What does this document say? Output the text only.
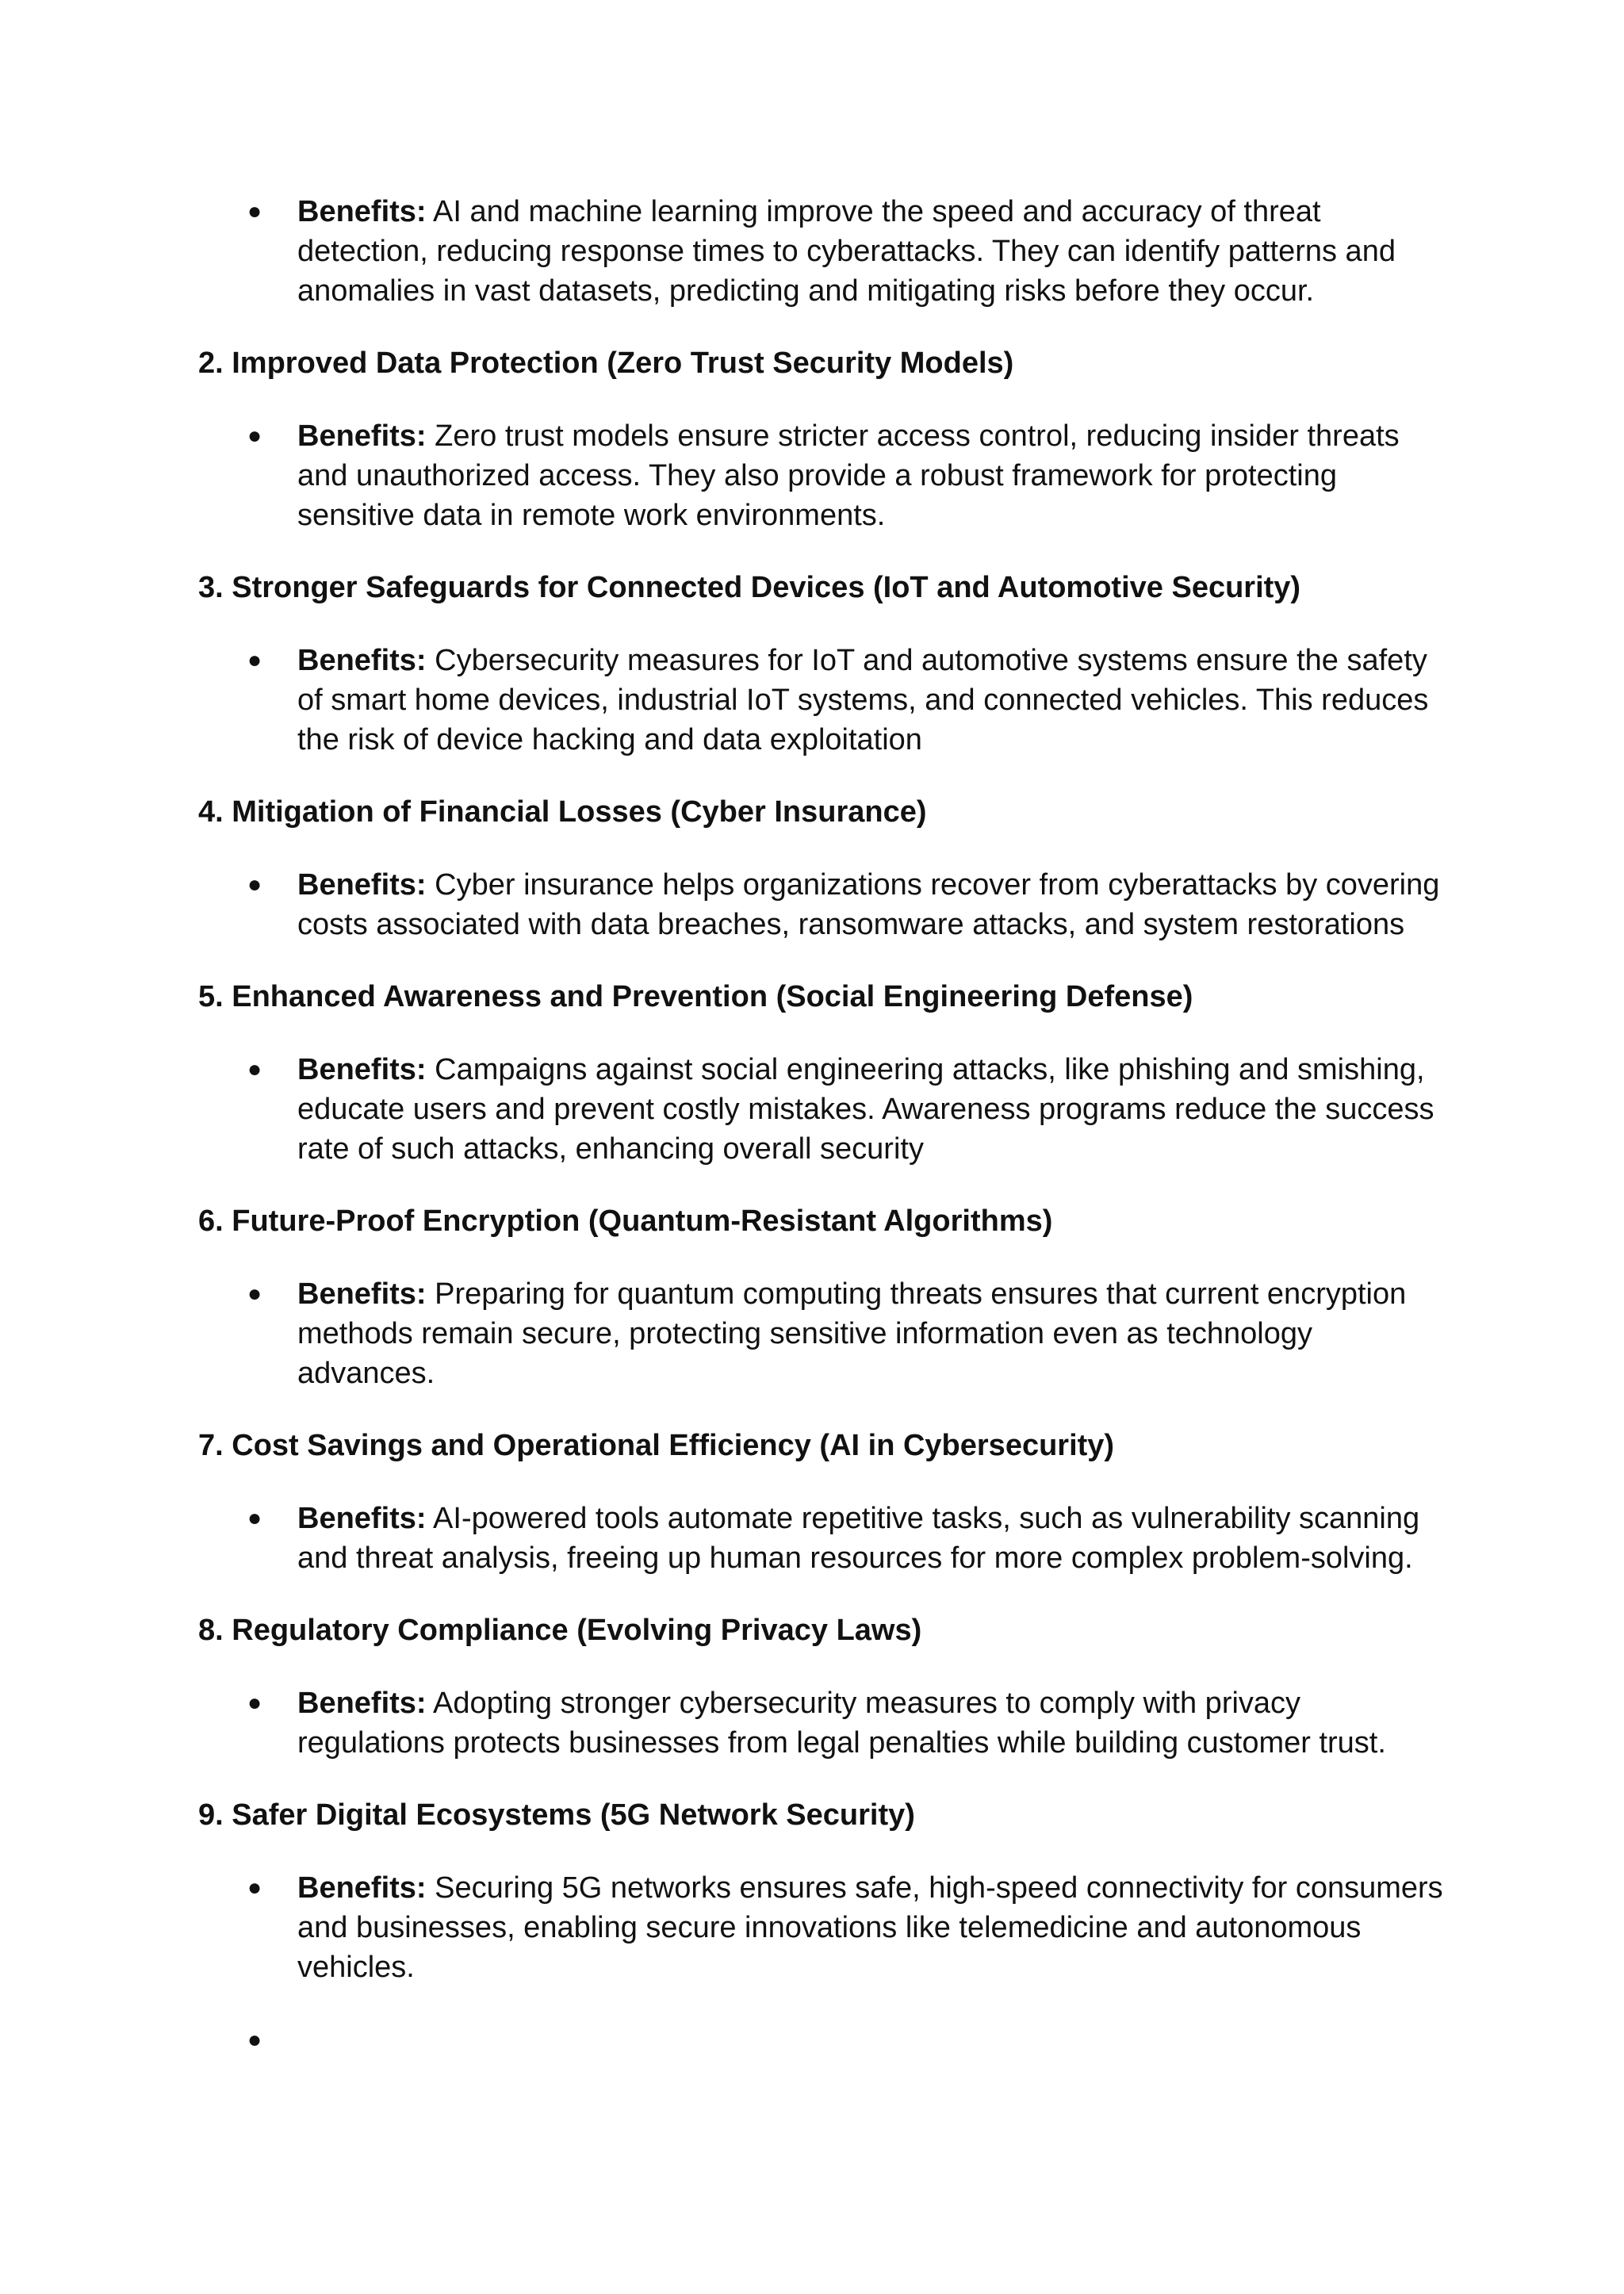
● Benefits: AI and machine learning improve the speed and accuracy of threat detection, reducing response times to cyberattacks. They can identify patterns and anomalies in vast datasets, predicting and mitigating risks before they occur.

2. Improved Data Protection (Zero Trust Security Models)

● Benefits: Zero trust models ensure stricter access control, reducing insider threats and unauthorized access. They also provide a robust framework for protecting sensitive data in remote work environments.

3. Stronger Safeguards for Connected Devices (IoT and Automotive Security)

● Benefits: Cybersecurity measures for IoT and automotive systems ensure the safety of smart home devices, industrial IoT systems, and connected vehicles. This reduces the risk of device hacking and data exploitation

4. Mitigation of Financial Losses (Cyber Insurance)

● Benefits: Cyber insurance helps organizations recover from cyberattacks by covering costs associated with data breaches, ransomware attacks, and system restorations

5. Enhanced Awareness and Prevention (Social Engineering Defense)

● Benefits: Campaigns against social engineering attacks, like phishing and smishing, educate users and prevent costly mistakes. Awareness programs reduce the success rate of such attacks, enhancing overall security

6. Future-Proof Encryption (Quantum-Resistant Algorithms)

● Benefits: Preparing for quantum computing threats ensures that current encryption methods remain secure, protecting sensitive information even as technology advances.

7. Cost Savings and Operational Efficiency (AI in Cybersecurity)

● Benefits: AI-powered tools automate repetitive tasks, such as vulnerability scanning and threat analysis, freeing up human resources for more complex problem-solving.

8. Regulatory Compliance (Evolving Privacy Laws)

● Benefits: Adopting stronger cybersecurity measures to comply with privacy regulations protects businesses from legal penalties while building customer trust.

9. Safer Digital Ecosystems (5G Network Security)

● Benefits: Securing 5G networks ensures safe, high-speed connectivity for consumers and businesses, enabling secure innovations like telemedicine and autonomous vehicles.

●
